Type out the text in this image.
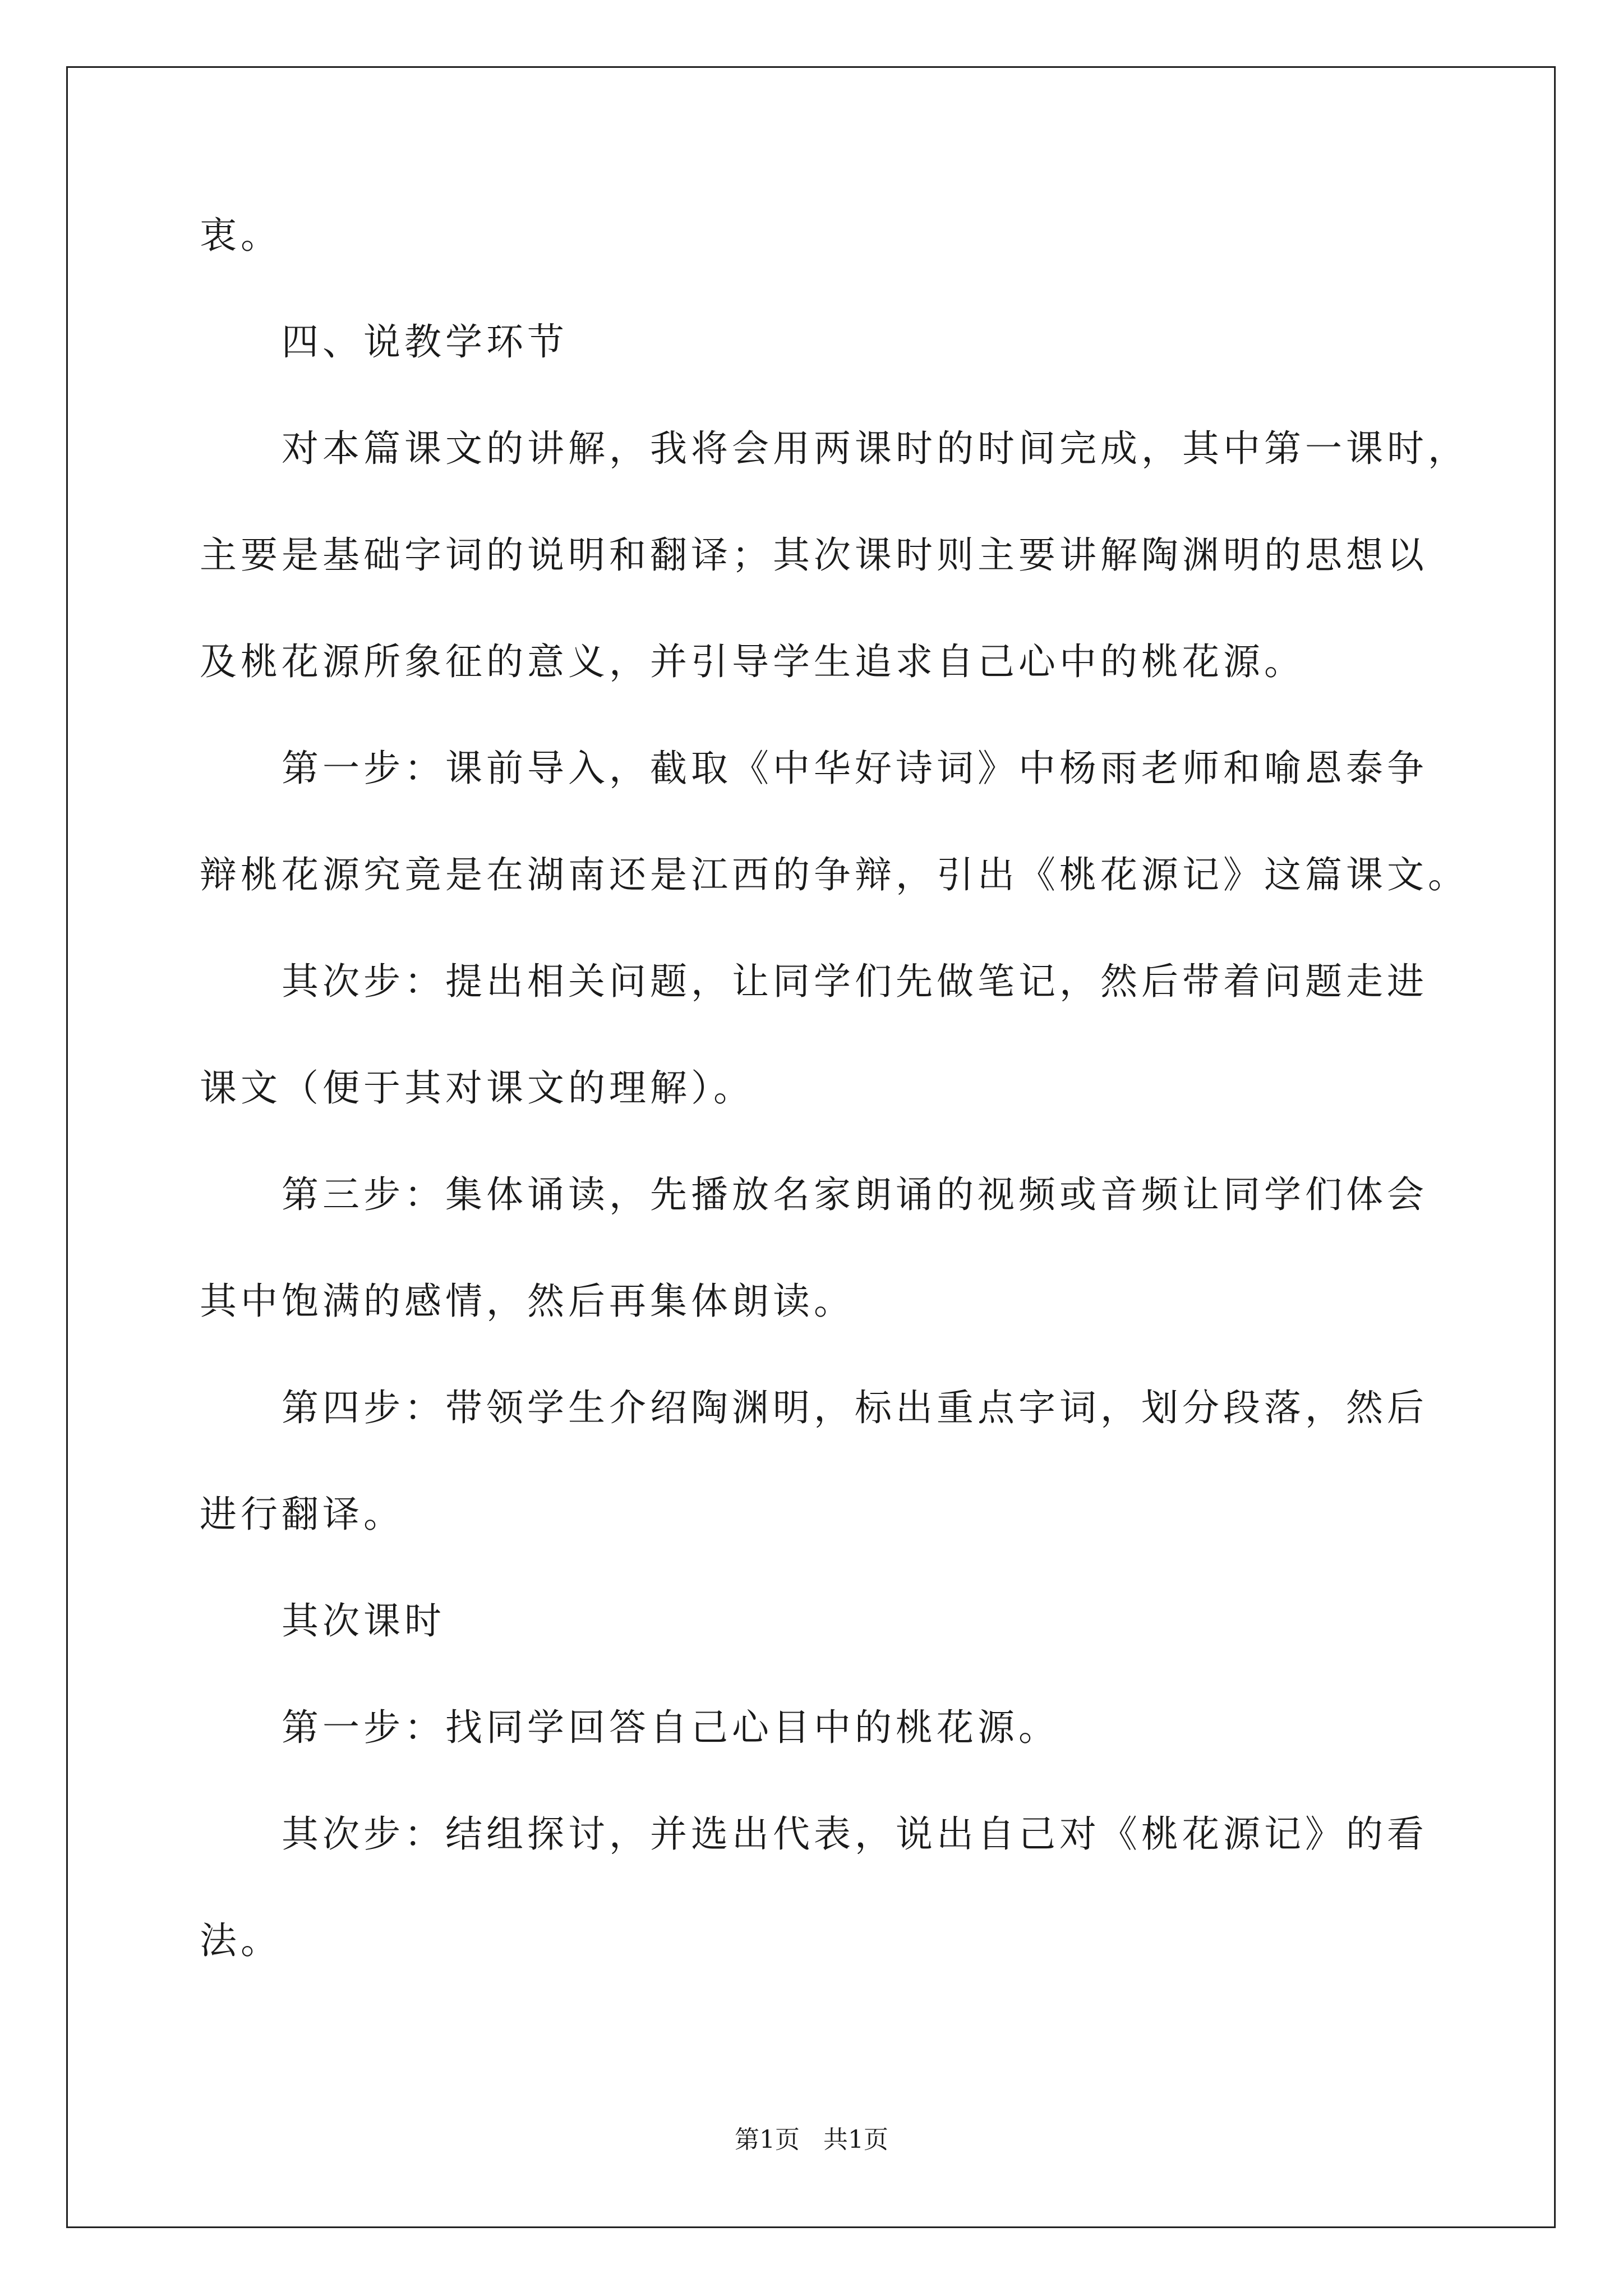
衷。
四、说教学环节
对本篇课文的讲解，我将会用两课时的时间完成，其中第一课时，
主要是基础字词的说明和翻译；其次课时则主要讲解陶渊明的思想以
及桃花源所象征的意义，并引导学生追求自己心中的桃花源。
第一步：课前导入，截取《中华好诗词》中杨雨老师和喻恩泰争
辩桃花源究竟是在湖南还是江西的争辩，引出《桃花源记》这篇课文。
其次步：提出相关问题，让同学们先做笔记，然后带着问题走进
课文（便于其对课文的理解）。
第三步：集体诵读，先播放名家朗诵的视频或音频让同学们体会
其中饱满的感情，然后再集体朗读。
第四步：带领学生介绍陶渊明，标出重点字词，划分段落，然后
进行翻译。
其次课时
第一步：找同学回答自己心目中的桃花源。
其次步：结组探讨，并选出代表，说出自己对《桃花源记》的看
法。
第1页   共1页
